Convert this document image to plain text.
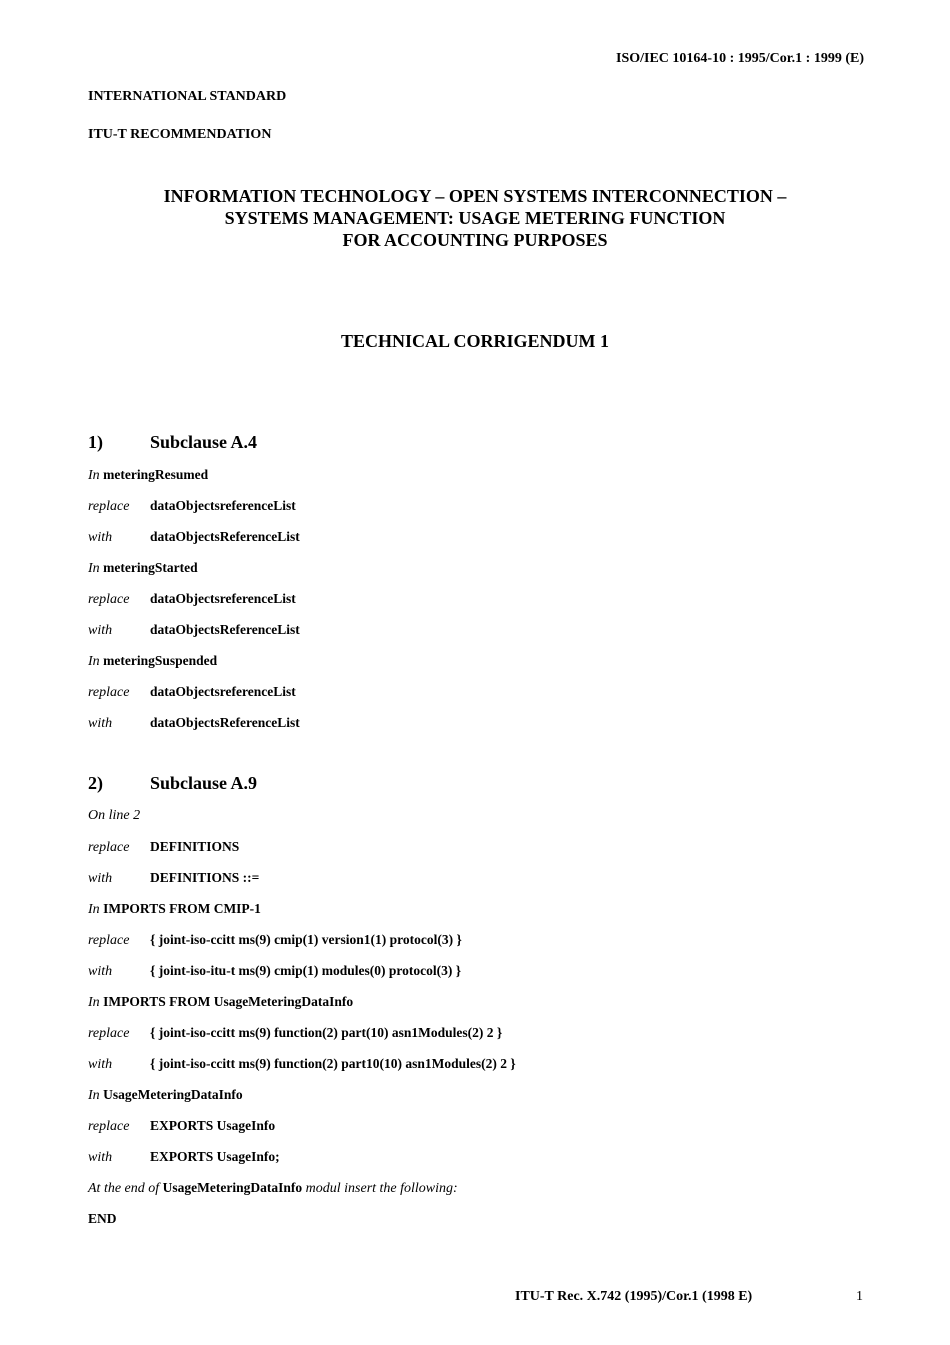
ISO/IEC 10164-10 : 1995/Cor.1 : 1999 (E)
INTERNATIONAL STANDARD
ITU-T RECOMMENDATION
INFORMATION TECHNOLOGY – OPEN SYSTEMS INTERCONNECTION –
SYSTEMS MANAGEMENT: USAGE METERING FUNCTION
FOR ACCOUNTING PURPOSES
TECHNICAL CORRIGENDUM 1
1)	Subclause A.4
In meteringResumed
replace dataObjectsreferenceList
with	dataObjectsReferenceList
In meteringStarted
replace dataObjectsreferenceList
with	dataObjectsReferenceList
In meteringSuspended
replace dataObjectsreferenceList
with	dataObjectsReferenceList
2)	Subclause A.9
On line 2
replace DEFINITIONS
with	DEFINITIONS ::=
In IMPORTS FROM CMIP-1
replace { joint-iso-ccitt ms(9) cmip(1) version1(1) protocol(3) }
with	{ joint-iso-itu-t ms(9) cmip(1) modules(0) protocol(3) }
In IMPORTS FROM UsageMeteringDataInfo
replace { joint-iso-ccitt ms(9) function(2) part(10) asn1Modules(2) 2 }
with	{ joint-iso-ccitt ms(9) function(2) part10(10) asn1Modules(2) 2 }
In UsageMeteringDataInfo
replace EXPORTS UsageInfo
with	EXPORTS UsageInfo;
At the end of UsageMeteringDataInfo modul insert the following:
END
ITU-T Rec. X.742 (1995)/Cor.1 (1998 E)	1
